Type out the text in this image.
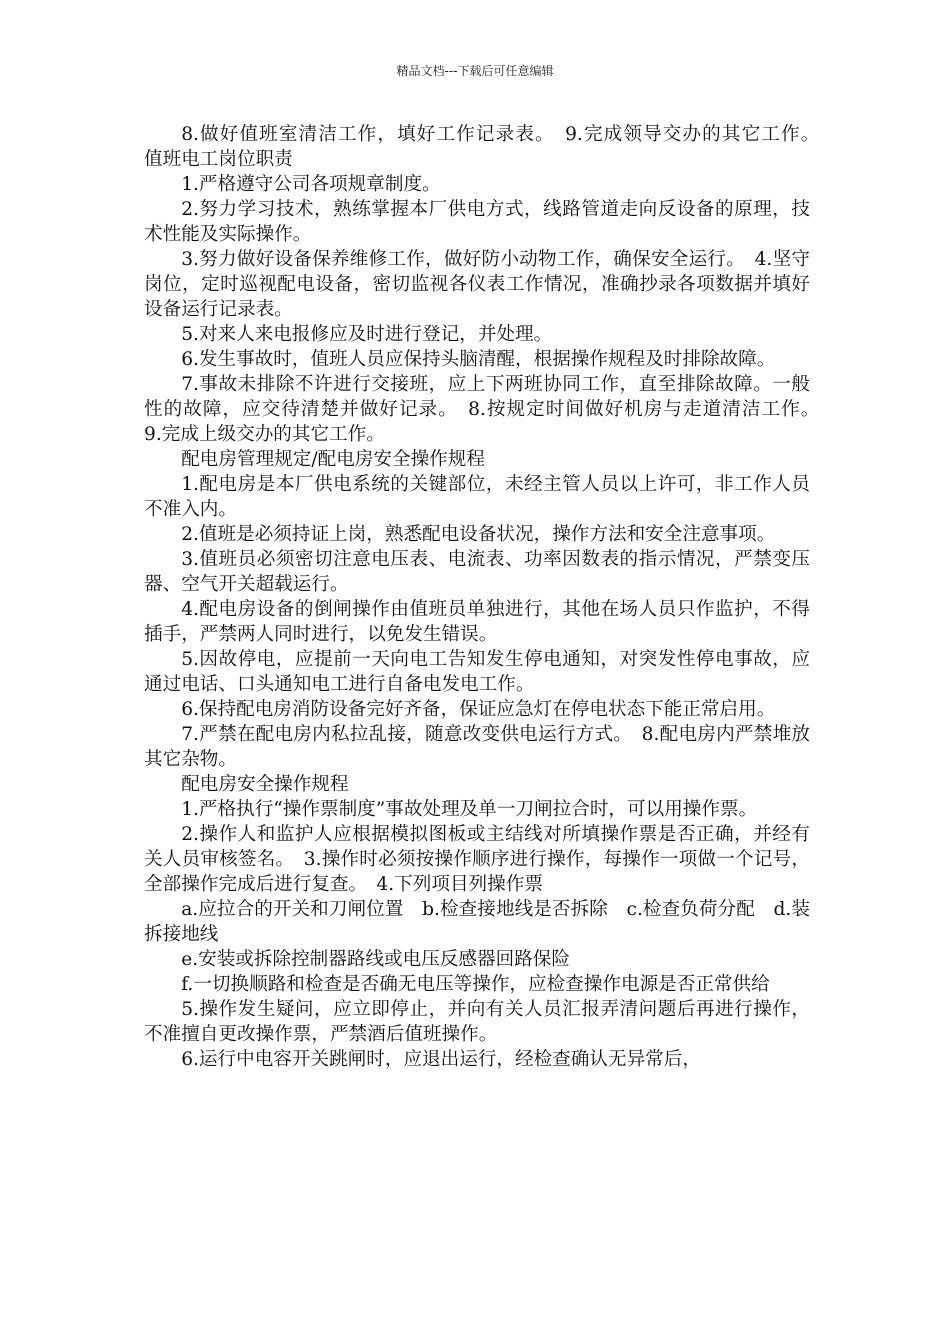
精品文档---下载后可任意编辑

8.做好值班室清洁工作，填好工作记录表。　9.完成领导交办的其它工作。　值班电工岗位职责

1.严格遵守公司各项规章制度。

2.努力学习技术，熟练掌握本厂供电方式，线路管道走向反设备的原理，技术性能及实际操作。

3.努力做好设备保养维修工作，做好防小动物工作，确保安全运行。　4.坚守岗位，定时巡视配电设备，密切监视各仪表工作情况，准确抄录各项数据并填好设备运行记录表。

5.对来人来电报修应及时进行登记，并处理。

6.发生事故时，值班人员应保持头脑清醒，根据操作规程及时排除故障。

7.事故未排除不许进行交接班，应上下两班协同工作，直至排除故障。一般性的故障，应交待清楚并做好记录。　8.按规定时间做好机房与走道清洁工作。　9.完成上级交办的其它工作。

配电房管理规定/配电房安全操作规程

1.配电房是本厂供电系统的关键部位，未经主管人员以上许可，非工作人员不准入内。

2.值班是必须持证上岗，熟悉配电设备状况，操作方法和安全注意事项。

3.值班员必须密切注意电压表、电流表、功率因数表的指示情况，严禁变压器、空气开关超载运行。

4.配电房设备的倒闸操作由值班员单独进行，其他在场人员只作监护，不得插手，严禁两人同时进行，以免发生错误。

5.因故停电，应提前一天向电工告知发生停电通知，对突发性停电事故，应通过电话、口头通知电工进行自备电发电工作。

6.保持配电房消防设备完好齐备，保证应急灯在停电状态下能正常启用。

7.严禁在配电房内私拉乱接，随意改变供电运行方式。　8.配电房内严禁堆放其它杂物。

配电房安全操作规程

1.严格执行“操作票制度”事故处理及单一刀闸拉合时，可以用操作票。

2.操作人和监护人应根据模拟图板或主结线对所填操作票是否正确，并经有关人员审核签名。　3.操作时必须按操作顺序进行操作，每操作一项做一个记号，全部操作完成后进行复查。　4.下列项目列操作票

a.应拉合的开关和刀闸位置　b.检查接地线是否拆除　c.检查负荷分配　d.装拆接地线

e.安装或拆除控制器路线或电压反感器回路保险

f.一切换顺路和检查是否确无电压等操作，应检查操作电源是否正常供给

5.操作发生疑问，应立即停止，并向有关人员汇报弄清问题后再进行操作，不准擅自更改操作票，严禁酒后值班操作。

6.运行中电容开关跳闸时，应退出运行，经检查确认无异常后，
